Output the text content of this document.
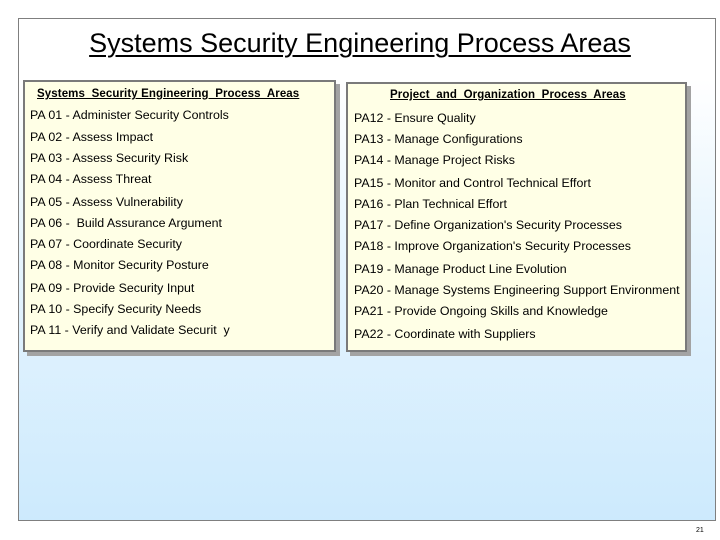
Systems Security Engineering Process Areas
Systems  Security Engineering  Process  Areas
PA 01 - Administer Security Controls
PA 02 - Assess Impact
PA 03 - Assess Security Risk
PA 04 - Assess Threat
PA 05 - Assess Vulnerability
PA 06 -  Build Assurance Argument
PA 07 - Coordinate Security
PA 08 - Monitor Security Posture
PA 09 - Provide Security Input
PA 10 - Specify Security Needs
PA 11 - Verify and Validate Securit  y
Project  and  Organization  Process  Areas
PA12 - Ensure Quality
PA13 - Manage Configurations
PA14 - Manage Project Risks
PA15 - Monitor and Control Technical Effort
PA16 - Plan Technical Effort
PA17 - Define Organization's Security Processes
PA18 - Improve Organization's Security Processes
PA19 - Manage Product Line Evolution
PA20 - Manage Systems Engineering Support Environment
PA21 - Provide Ongoing Skills and Knowledge
PA22 - Coordinate with Suppliers
21
